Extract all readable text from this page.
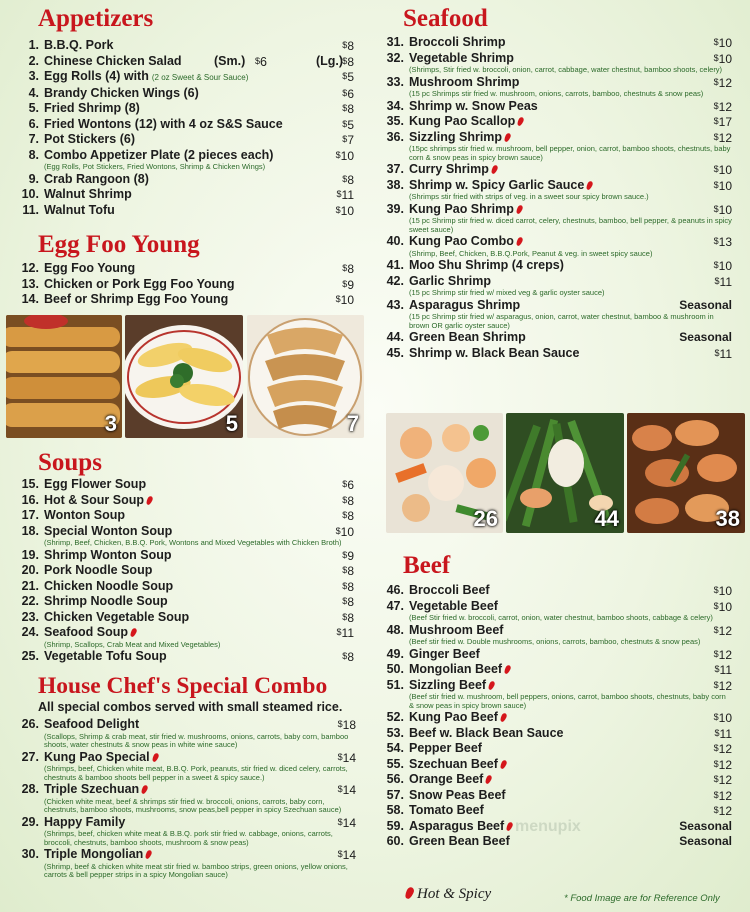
Appetizers
1. B.B.Q. Pork	$8
2. Chinese Chicken Salad	(Sm.) $6	(Lg.) $8
3. Egg Rolls (4) with (2 oz Sweet & Sour Sauce)	$5
4. Brandy Chicken Wings (6)	$6
5. Fried Shrimp (8)	$8
6. Fried Wontons (12) with 4 oz S&S Sauce	$5
7. Pot Stickers (6)	$7
8. Combo Appetizer Plate (2 pieces each)	$10
(Egg Rolls, Pot Stickers, Fried Wontons, Shrimp & Chicken Wings)
9. Crab Rangoon (8)	$8
10. Walnut Shrimp	$11
11. Walnut Tofu	$10
Egg Foo Young
12. Egg Foo Young	$8
13. Chicken or Pork Egg Foo Young	$9
14. Beef or Shrimp Egg Foo Young	$10
3	5	7
Soups
15. Egg Flower Soup	$6
16. Hot & Sour Soup	$8
17. Wonton Soup	$8
18. Special Wonton Soup	$10
(Shrimp, Beef, Chicken, B.B.Q. Pork, Wontons and Mixed Vegetables with Chicken Broth)
19. Shrimp Wonton Soup	$9
20. Pork Noodle Soup	$8
21. Chicken Noodle Soup	$8
22. Shrimp Noodle Soup	$8
23. Chicken Vegetable Soup	$8
24. Seafood Soup	$11
(Shrimp, Scallops, Crab Meat and Mixed Vegetables)
25. Vegetable Tofu Soup	$8
House Chef's Special Combo
All special combos served with small steamed rice.
26. Seafood Delight	$18
(Scallops, Shrimp & crab meat, stir fried w. mushrooms, onions, carrots, baby corn, bamboo shoots, water chestnuts & snow peas in white wine sauce)
27. Kung Pao Special	$14
(Shrimps, beef, Chicken white meat, B.B.Q. Pork, peanuts, stir fried w. diced celery, carrots, chestnuts & bamboo shoots bell pepper in a sweet & spicy sauce.)
28. Triple Szechuan	$14
(Chicken white meat, beef & shrimps stir fried w. broccoli, onions, carrots, baby corn, chestnuts, bamboo shoots, mushrooms, snow peas,bell pepper in spicy Szechuan sauce)
29. Happy Family	$14
(Shrimps, beef, chicken white meat & B.B.Q. pork stir fried w. cabbage, onions, carrots, broccoli, chestnuts, bamboo shoots, mushroom & snow peas)
30. Triple Mongolian	$14
(Shrimp, beef & chicken white meat stir fried w. bamboo strips, green onions, yellow onions, carrots & bell pepper strips in a spicy Mongolian sauce)
Seafood
31. Broccoli Shrimp	$10
32. Vegetable Shrimp	$10
(Shrimps, Stir fried w. broccoli, onion, carrot, cabbage, water chestnut, bamboo shoots, celery)
33. Mushroom Shrimp	$12
(15 pc Shrimps stir fried w. mushroom, onions, carrots, bamboo, chestnuts & snow peas)
34. Shrimp w. Snow Peas	$12
35. Kung Pao Scallop	$17
36. Sizzling Shrimp	$12
(15pc shrimps stir fried w. mushroom, bell pepper, onion, carrot, bamboo shoots, chestnuts, baby corn & snow peas in spicy brown sauce)
37. Curry Shrimp	$10
38. Shrimp w. Spicy Garlic Sauce	$10
(Shrimps stir fried with strips of veg. in a sweet sour spicy brown sauce.)
39. Kung Pao Shrimp	$10
(15 pc Shrimp stir fried w. diced carrot, celery, chestnuts, bamboo, bell pepper, & peanuts in spicy sweet sauce)
40. Kung Pao Combo	$13
(Shrimp, Beef, Chicken, B.B.Q.Pork, Peanut & veg. in sweet spicy sauce)
41. Moo Shu Shrimp (4 creps)	$10
42. Garlic Shrimp	$11
(15 pc Shrimp stir fried w/ mixed veg & garlic oyster sauce)
43. Asparagus Shrimp	Seasonal
(15 pc Shrimp stir fried w/ asparagus, onion, carrot, water chestnut, bamboo & mushroom in brown OR garlic oyster sauce)
44. Green Bean Shrimp	Seasonal
45. Shrimp w. Black Bean Sauce	$11
26	44	38
Beef
46. Broccoli Beef	$10
47. Vegetable Beef	$10
(Beef Stir fried w. broccoli, carrot, onion, water chestnut, bamboo shoots, cabbage & celery)
48. Mushroom Beef	$12
(Beef stir fried w. Double mushrooms, onions, carrots, bamboo, chestnuts & snow peas)
49. Ginger Beef	$12
50. Mongolian Beef	$11
51. Sizzling Beef	$12
(Beef stir fried w. mushroom, bell peppers, onions, carrot, bamboo shoots, chestnuts, baby corn & snow peas in spicy brown sauce)
52. Kung Pao Beef	$10
53. Beef w. Black Bean Sauce	$11
54. Pepper Beef	$12
55. Szechuan Beef	$12
56. Orange Beef	$12
57. Snow Peas Beef	$12
58. Tomato Beef	$12
59. Asparagus Beef	Seasonal
60. Green Bean Beef	Seasonal
Hot & Spicy	* Food Image are for Reference Only
menupix
